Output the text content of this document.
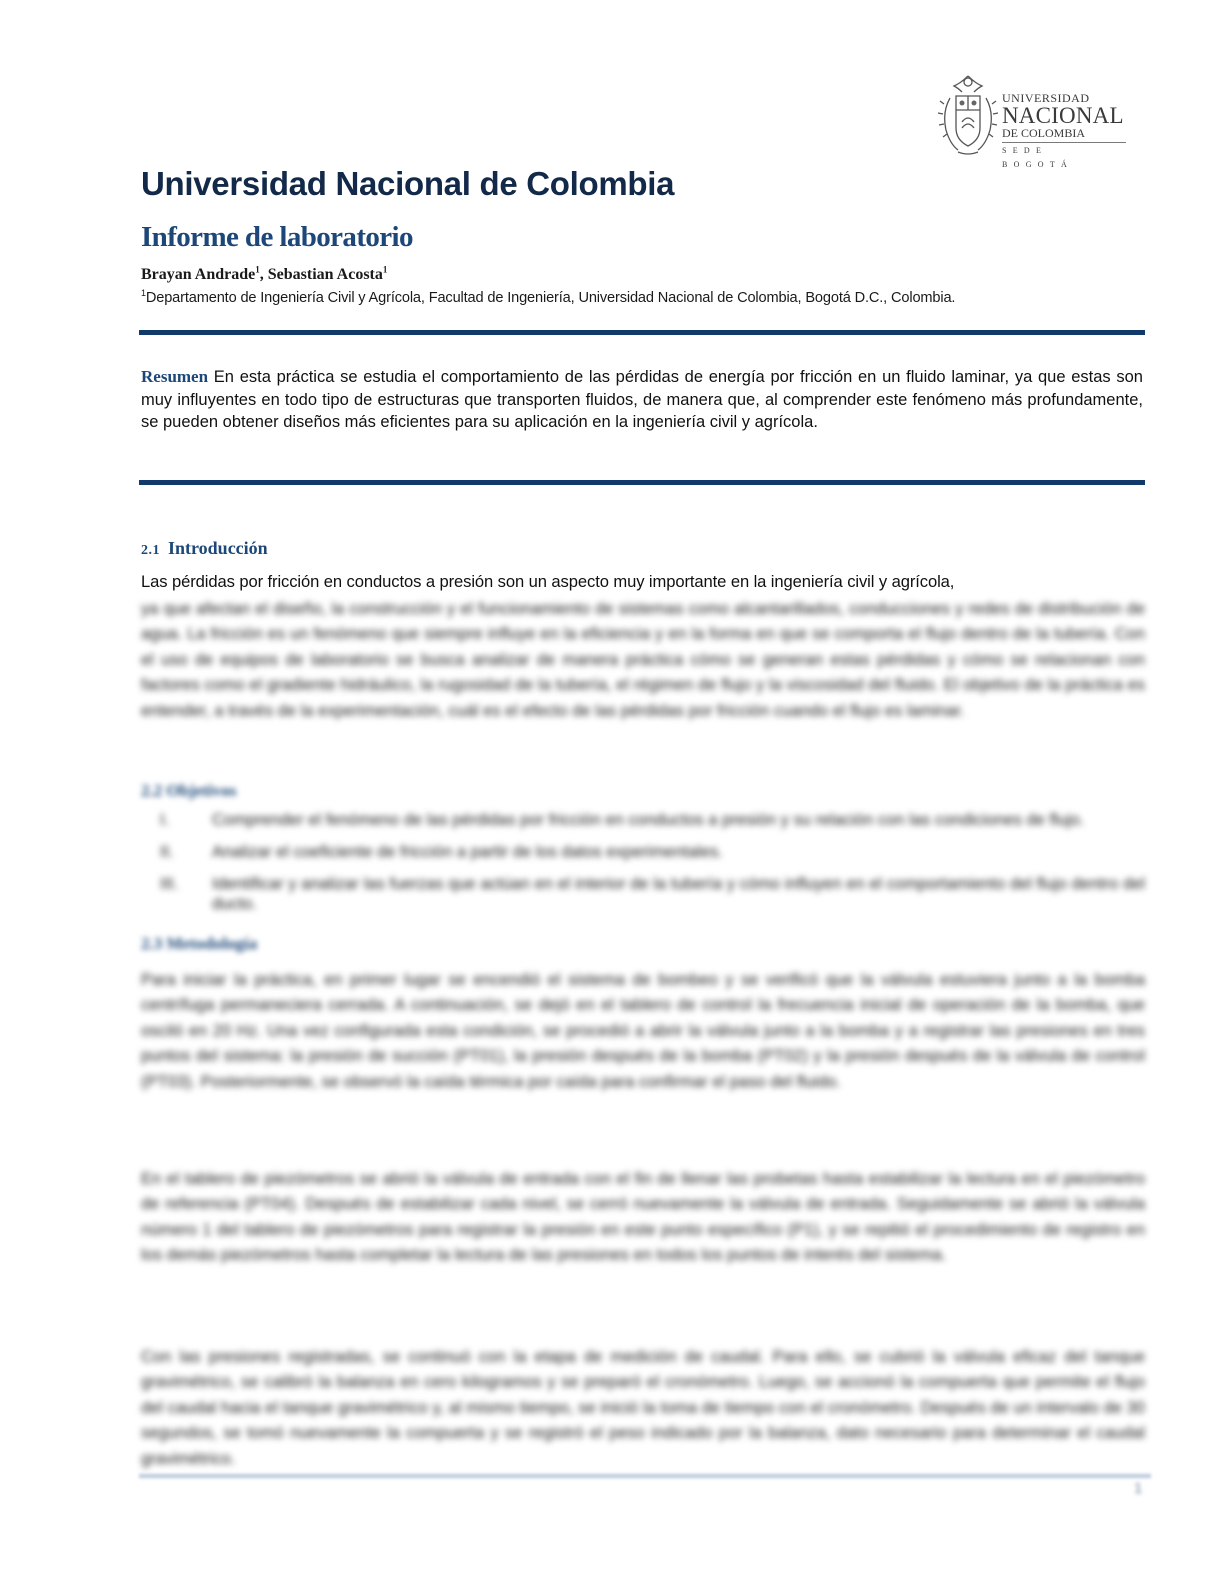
UNIVERSIDAD
NACIONAL
DE COLOMBIA
SEDE BOGOTÁ
Universidad Nacional de Colombia
Informe de laboratorio
Brayan Andrade$^1$, Sebastian Acosta$^1$
$^1$Departamento de Ingeniería Civil y Agrícola, Facultad de Ingeniería, Universidad Nacional de Colombia, Bogotá D.C., Colombia.
Resumen En esta práctica se estudia el comportamiento de las pérdidas de energía por fricción en un fluido laminar, ya que estas son muy influyentes en todo tipo de estructuras que transporten fluidos, de manera que, al comprender este fenómeno más profundamente, se pueden obtener diseños más eficientes para su aplicación en la ingeniería civil y agrícola.
2.1 Introducción
Las pérdidas por fricción en conductos a presión son un aspecto muy importante en la ingeniería civil y agrícola,
ya que afectan el diseño, la construcción y el funcionamiento de sistemas como alcantarillados, conducciones y redes de distribución de agua. La fricción es un fenómeno que siempre influye en la eficiencia y en la forma en que se comporta el flujo dentro de la tubería. Con el uso de equipos de laboratorio se busca analizar de manera práctica cómo se generan estas pérdidas y cómo se relacionan con factores como el gradiente hidráulico, la rugosidad de la tubería, el régimen de flujo y la viscosidad del fluido. El objetivo de la práctica es entender, a través de la experimentación, cuál es el efecto de las pérdidas por fricción cuando el flujo es laminar.
2.2 Objetivos
I.	Comprender el fenómeno de las pérdidas por fricción en conductos a presión y su relación con las condiciones de flujo.
II.	Analizar el coeficiente de fricción a partir de los datos experimentales.
III.	Identificar y analizar las fuerzas que actúan en el interior de la tubería y cómo influyen en el comportamiento del flujo dentro del ducto.
2.3 Metodología
Para iniciar la práctica, en primer lugar se encendió el sistema de bombeo y se verificó que la válvula estuviera junto a la bomba centrífuga permaneciera cerrada. A continuación, se dejó en el tablero de control la frecuencia inicial de operación de la bomba, que osciló en 20 Hz. Una vez configurada esta condición, se procedió a abrir la válvula junto a la bomba y a registrar las presiones en tres puntos del sistema: la presión de succión (PT01), la presión después de la bomba (PT02) y la presión después de la válvula de control (PT03). Posteriormente, se observó la caída térmica por caída para confirmar el paso del fluido.
En el tablero de piezómetros se abrió la válvula de entrada con el fin de llenar las probetas hasta estabilizar la lectura en el piezómetro de referencia (PT04). Después de estabilizar cada nivel, se cerró nuevamente la válvula de entrada. Seguidamente se abrió la válvula número 1 del tablero de piezómetros para registrar la presión en este punto específico (P1), y se repitió el procedimiento de registro en los demás piezómetros hasta completar la lectura de las presiones en todos los puntos de interés del sistema.
Con las presiones registradas, se continuó con la etapa de medición de caudal. Para ello, se cubrió la válvula eficaz del tanque gravimétrico, se calibró la balanza en cero kilogramos y se preparó el cronómetro. Luego, se accionó la compuerta que permite el flujo del caudal hacia el tanque gravimétrico y, al mismo tiempo, se inició la toma de tiempo con el cronómetro. Después de un intervalo de 30 segundos, se tomó nuevamente la compuerta y se registró el peso indicado por la balanza, dato necesario para determinar el caudal gravimétrico.
1
